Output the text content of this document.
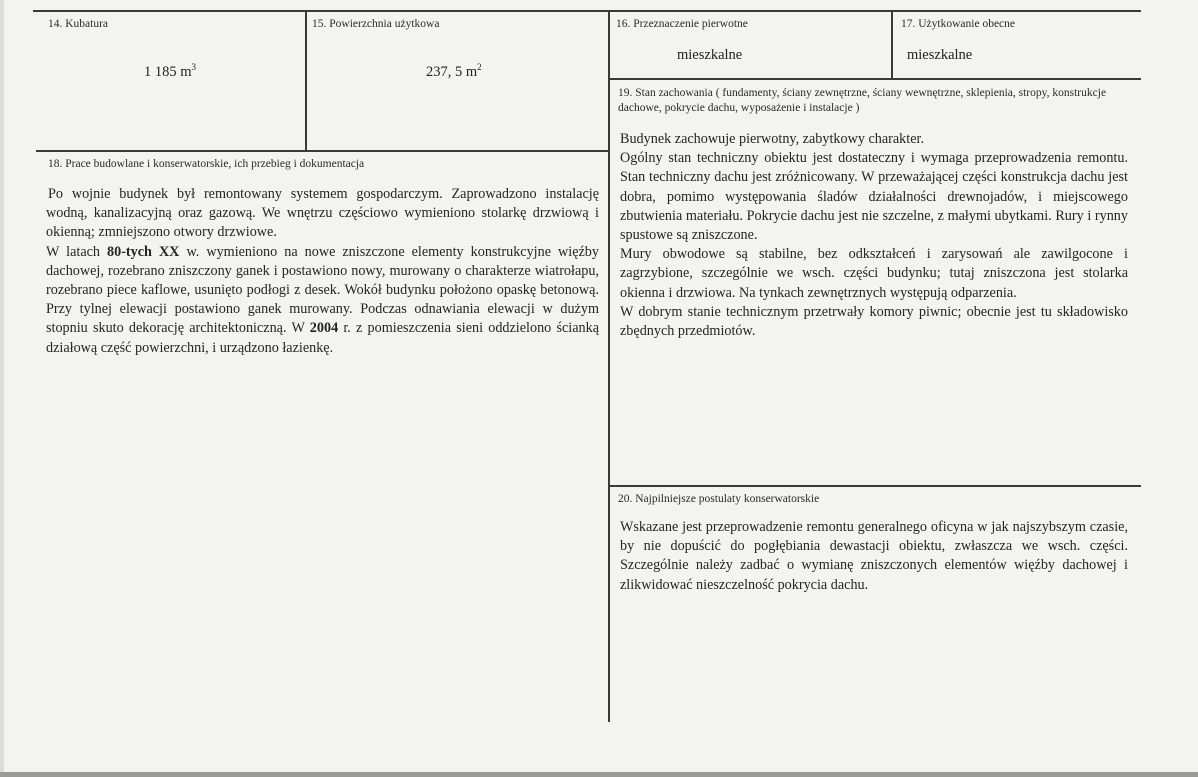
14. Kubatura
1 185 $m^3$
15. Powierzchnia użytkowa
237, 5 $m^2$
16. Przeznaczenie pierwotne
mieszkalne
17. Użytkowanie obecne
mieszkalne
19. Stan zachowania ( fundamenty, ściany zewnętrzne, ściany wewnętrzne, sklepienia, stropy, konstrukcje dachowe, pokrycie dachu, wyposażenie i instalacje )

Budynek zachowuje pierwotny, zabytkowy charakter.

Ogólny stan techniczny obiektu jest dostateczny i wymaga przeprowadzenia remontu. Stan techniczny dachu jest zróżnicowany. W przeważającej części konstrukcja dachu jest dobra, pomimo występowania śladów działalności drewnojadów, i miejscowego zbutwienia materiału. Pokrycie dachu jest nie szczelne, z małymi ubytkami. Rury i rynny spustowe są zniszczone.

Mury obwodowe są stabilne, bez odkształceń i zarysowań ale zawilgocone i zagrzybione, szczególnie we wsch. części budynku; tutaj zniszczona jest stolarka okienna i drzwiowa. Na tynkach zewnętrznych występują odparzenia.

W dobrym stanie technicznym przetrwały komory piwnic; obecnie jest tu składowisko zbędnych przedmiotów.

18. Prace budowlane i konserwatorskie, ich przebieg i dokumentacja

Po wojnie budynek był remontowany systemem gospodarczym. Zaprowadzono instalację wodną, kanalizacyjną oraz gazową. We wnętrzu częściowo wymieniono stolarkę drzwiową i okienną; zmniejszono otwory drzwiowe.

W latach 80-tych XX w. wymieniono na nowe zniszczone elementy konstrukcyjne więźby dachowej, rozebrano zniszczony ganek i postawiono nowy, murowany o charakterze wiatrołapu, rozebrano piece kaflowe, usunięto podłogi z desek. Wokół budynku położono opaskę betonową. Przy tylnej elewacji postawiono ganek murowany. Podczas odnawiania elewacji w dużym stopniu skuto dekorację architektoniczną. W 2004 r. z pomieszczenia sieni oddzielono ścianką działową część powierzchni, i urządzono łazienkę.

20. Najpilniejsze postulaty konserwatorskie

Wskazane jest przeprowadzenie remontu generalnego oficyna w jak najszybszym czasie, by nie dopuścić do pogłębiania dewastacji obiektu, zwłaszcza we wsch. części. Szczególnie należy zadbać o wymianę zniszczonych elementów więźby dachowej i zlikwidować nieszczelność pokrycia dachu.
